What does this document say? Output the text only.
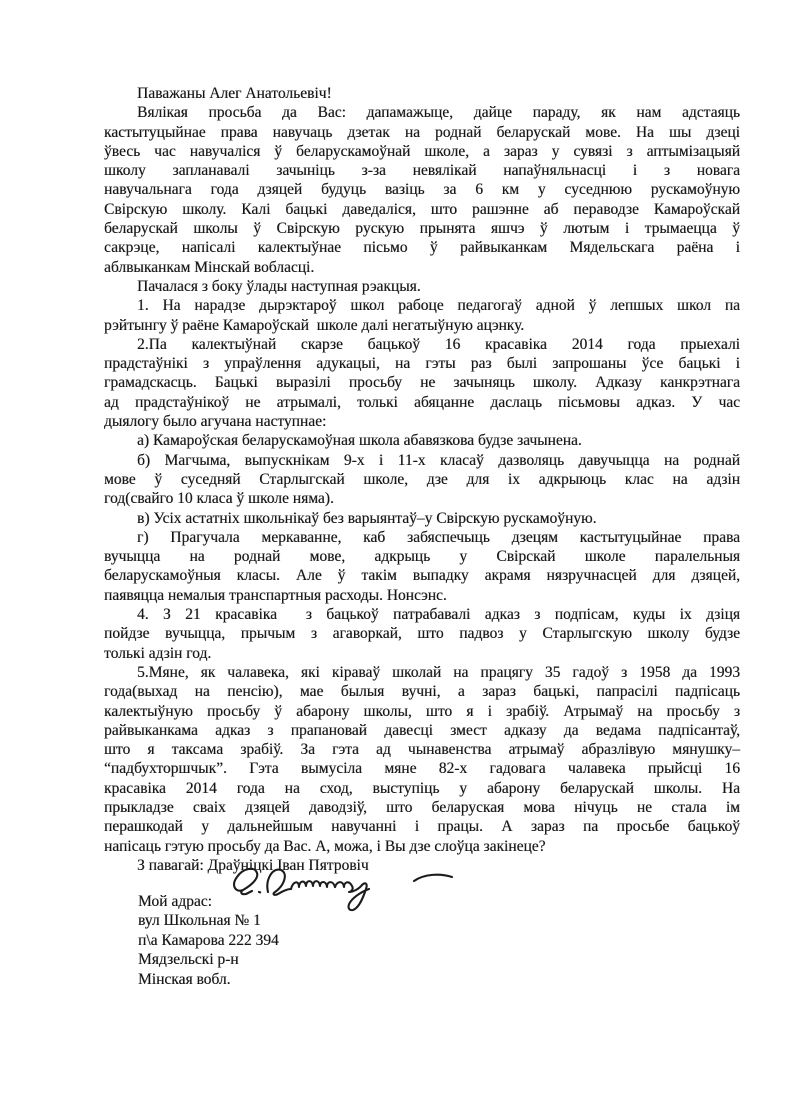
Паважаны Алег Анатольевіч!
Вялікая просьба да Вас: дапамажыце, дайце параду, як нам адстаяць
кастытуцыйнае права навучаць дзетак на роднай беларускай мове. На шы дзеці
ўвесь час навучаліся ў беларускамоўнай школе, а зараз у сувязі з аптымізацыяй
школу запланавалі зачыніць з-за невялікай напаўняльнасці і з новага
навучальнага года дзяцей будуць вазіць за 6 км у суседнюю рускамоўную
Свірскую школу. Калі бацькі даведаліся, што рашэнне аб пераводзе Камароўскай
беларускай школы ў Свірскую рускую прынята яшчэ ў лютым і трымаецца ў
сакрэце, напісалі калектыўнае пісьмо ў райвыканкам Мядельскага раёна і
аблвыканкам Мінскай вобласці.
Пачалася з боку ўлады наступная рэакцыя.
1. На нарадзе дырэктароў школ рабоце педагогаў адной ў лепшых школ па
рэйтынгу ў раёне Камароўскай  школе далі негатыўную ацэнку.
2.Па калектыўнай скарзе бацькоў 16 красавіка 2014 года прыехалі
прадстаўнікі з упраўлення адукацыі, на гэты раз былі запрошаны ўсе бацькі і
грамадскасць. Бацькі выразілі просьбу не зачыняць школу. Адказу канкрэтнага
ад прадстаўнікоў не атрымалі, толькі абяцанне даслаць пісьмовы адказ. У час
дыялогу было агучана наступнае:
а) Камароўская беларускамоўная школа абавязкова будзе зачынена.
б) Магчыма, выпускнікам 9-х і 11-х класаў дазволяць давучыцца на роднай
мове ў суседняй Старлыгскай школе, дзе для іх адкрыюць клас на адзін
год(свайго 10 класа ў школе няма).
в) Усіх астатніх школьнікаў без варыянтаў–у Свірскую рускамоўную.
г) Прагучала меркаванне, каб забяспечыць дзецям кастытуцыйнае права
вучыцца на роднай мове, адкрыць у Свірскай школе паралельныя
беларускамоўныя класы. Але ў такім выпадку акрамя нязручнасцей для дзяцей,
паявяцца немалыя транспартныя расходы. Нонсэнс.
4. З 21 красавіка  з бацькоў патрабавалі адказ з подпісам, куды іх дзіця
пойдзе вучыцца, прычым з агаворкай, што падвоз у Старлыгскую школу будзе
толькі адзін год.
5.Мяне, як чалавека, які кіраваў школай на працягу 35 гадоў з 1958 да 1993
года(выхад на пенсію), мае былыя вучні, а зараз бацькі, папрасілі падпісаць
калектыўную просьбу ў абарону школы, што я і зрабіў. Атрымаў на просьбу з
райвыканкама адказ з прапановай давесці змест адказу да ведама падпісантаў,
што я таксама зрабіў. За гэта ад чынавенства атрымаў абразлівую мянушку–
“падбухторшчык”. Гэта вымусіла мяне 82-х гадовага чалавека прыйсці 16
красавіка 2014 года на сход, выступіць у абарону беларускай школы. На
прыкладзе сваіх дзяцей даводзіў, што беларуская мова нічуць не стала ім
перашкодай у дальнейшым навучанні і працы. А зараз па просьбе бацькоў
напісаць гэтую просьбу да Вас. А, можа, і Вы дзе слоўца закінеце?
З павагай: Драўніцкі Іван Пятровіч
Мой адрас:
вул Школьная № 1
п\а Камарова 222 394
Мядзельскі р-н
Мінская вобл.
